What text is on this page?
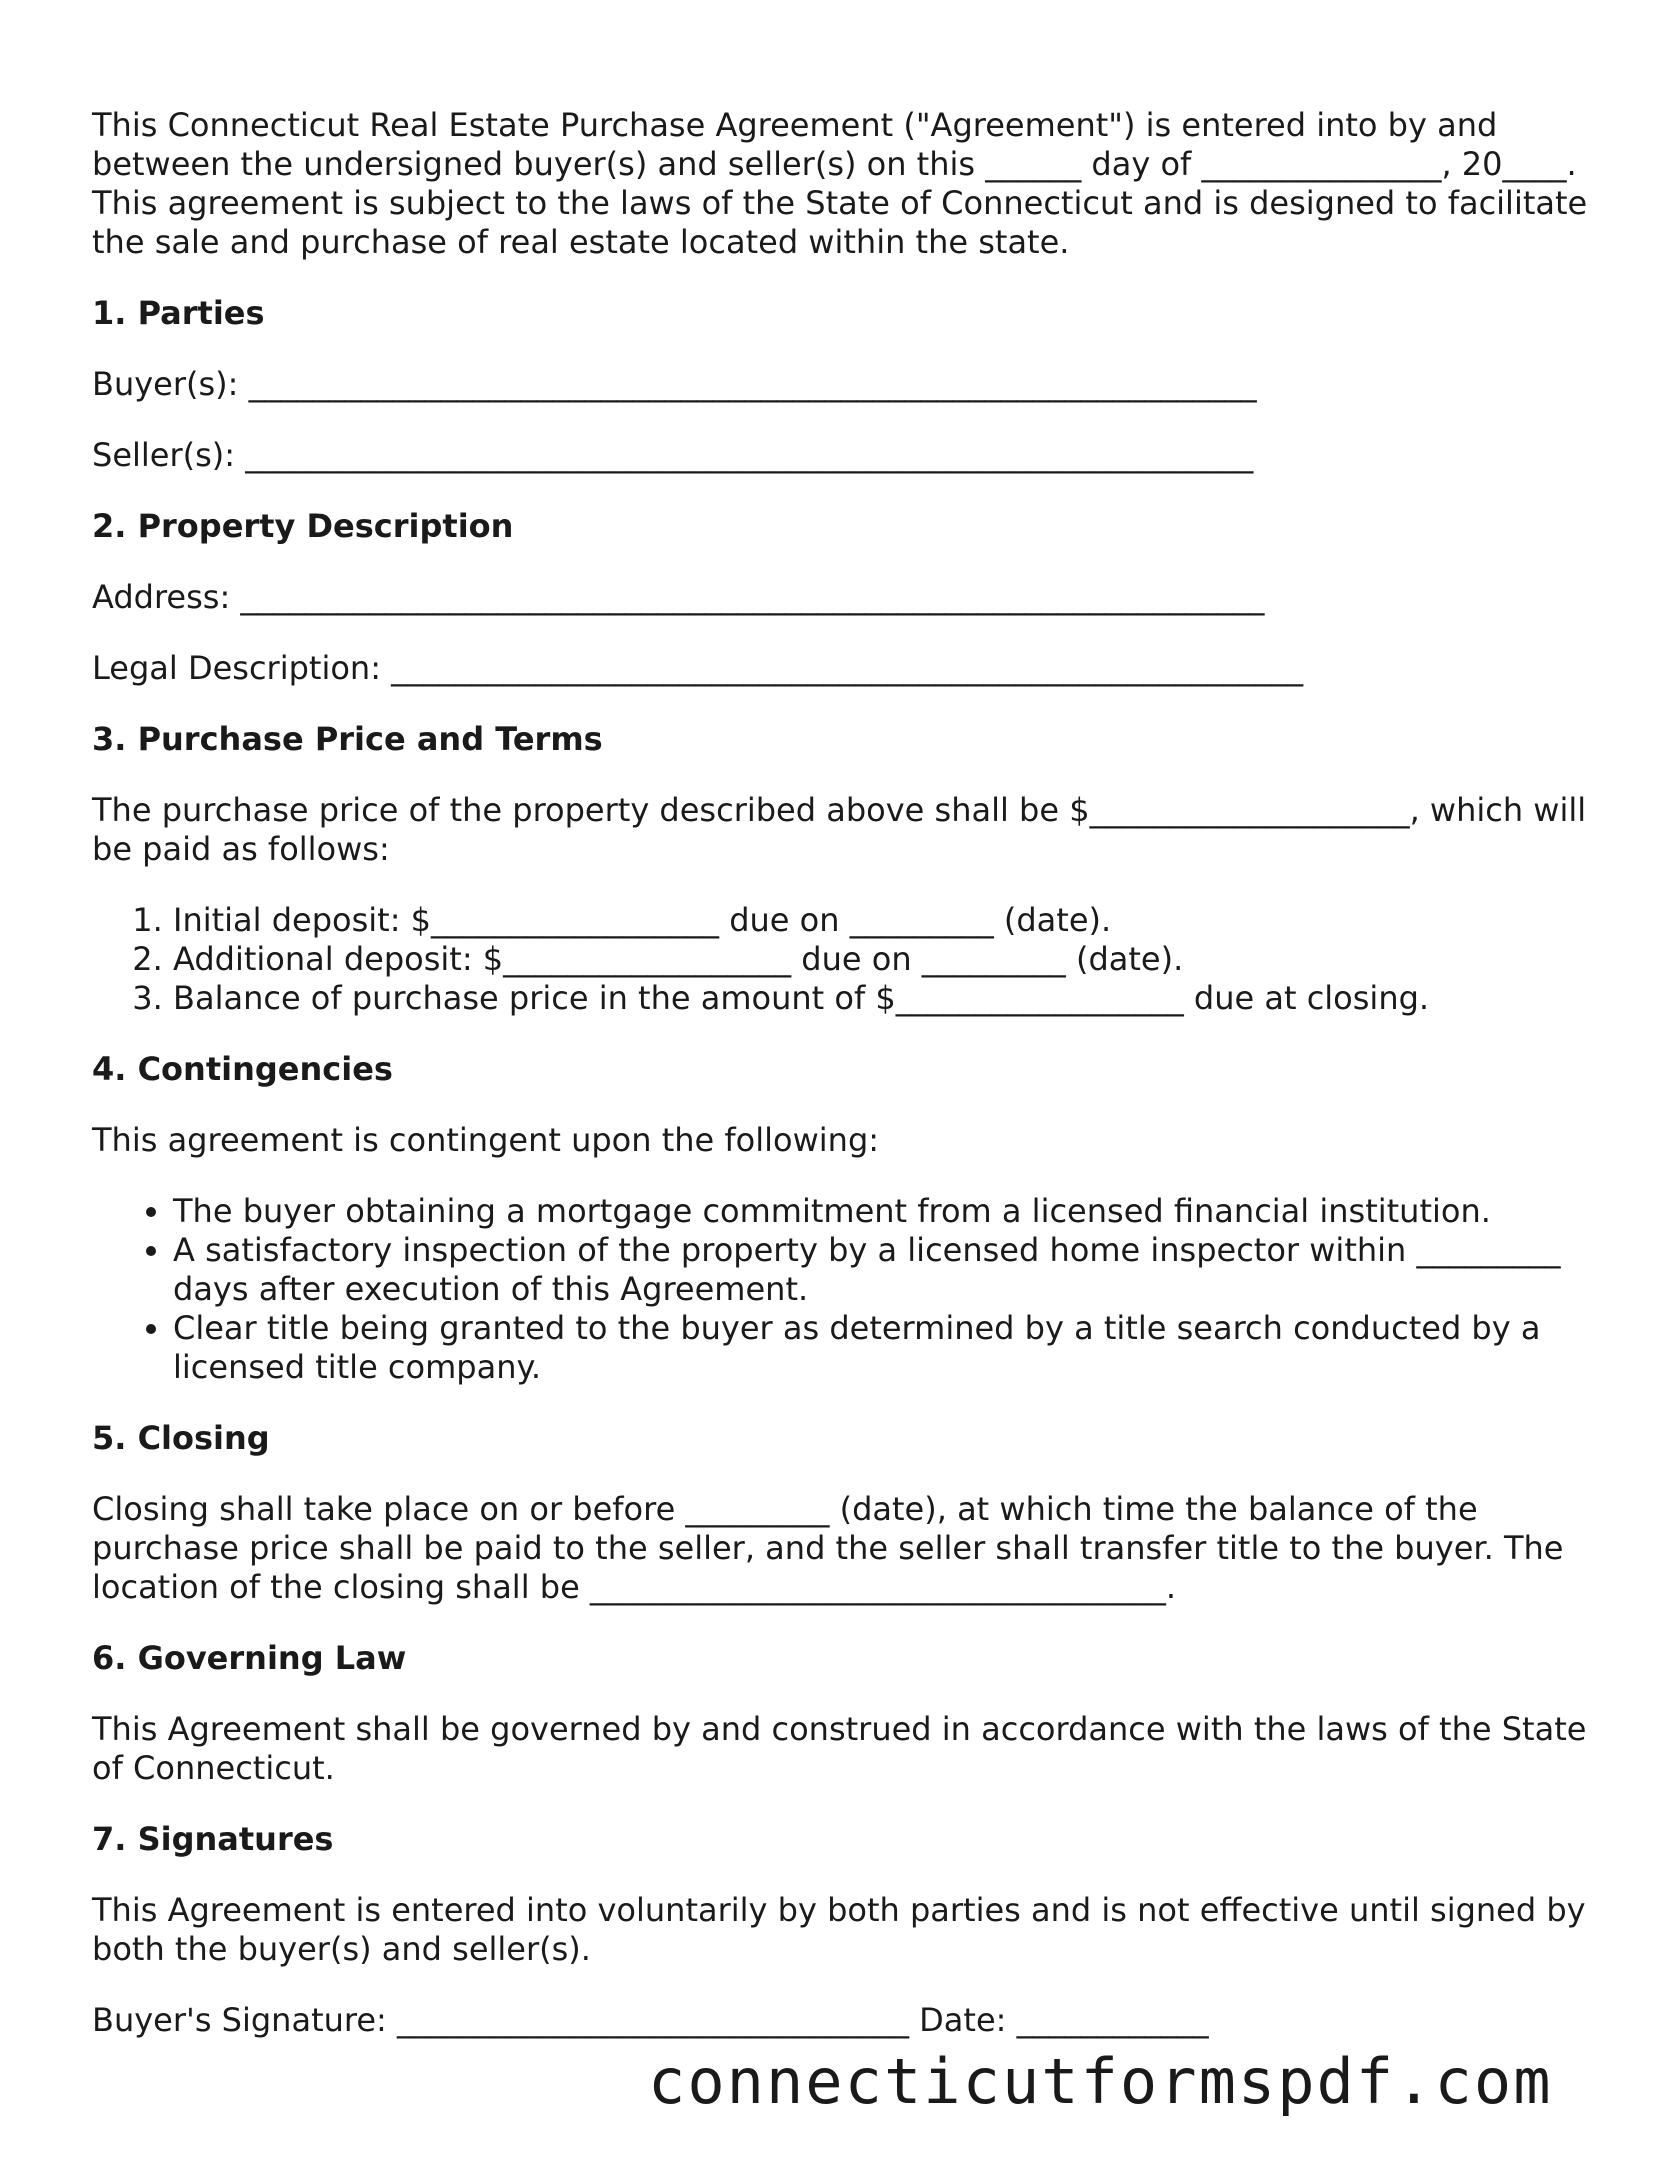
This Connecticut Real Estate Purchase Agreement ("Agreement") is entered into by and between the undersigned buyer(s) and seller(s) on this ______ day of _______________, 20____. This agreement is subject to the laws of the State of Connecticut and is designed to facilitate the sale and purchase of real estate located within the state.

1. Parties

Buyer(s): _______________________________________________________________

Seller(s): _______________________________________________________________

2. Property Description

Address: ________________________________________________________________

Legal Description: _________________________________________________________

3. Purchase Price and Terms

The purchase price of the property described above shall be $____________________, which will be paid as follows:

1. Initial deposit: $__________________ due on _________ (date).
2. Additional deposit: $__________________ due on _________ (date).
3. Balance of purchase price in the amount of $__________________ due at closing.
4. Contingencies

This agreement is contingent upon the following:

• The buyer obtaining a mortgage commitment from a licensed financial institution.
• A satisfactory inspection of the property by a licensed home inspector within _________ days after execution of this Agreement.
• Clear title being granted to the buyer as determined by a title search conducted by a licensed title company.
5. Closing

Closing shall take place on or before _________ (date), at which time the balance of the purchase price shall be paid to the seller, and the seller shall transfer title to the buyer. The location of the closing shall be ____________________________________.

6. Governing Law

This Agreement shall be governed by and construed in accordance with the laws of the State of Connecticut.

7. Signatures

This Agreement is entered into voluntarily by both parties and is not effective until signed by both the buyer(s) and seller(s).

Buyer's Signature: ________________________________ Date: ____________

connecticutformspdf.com
